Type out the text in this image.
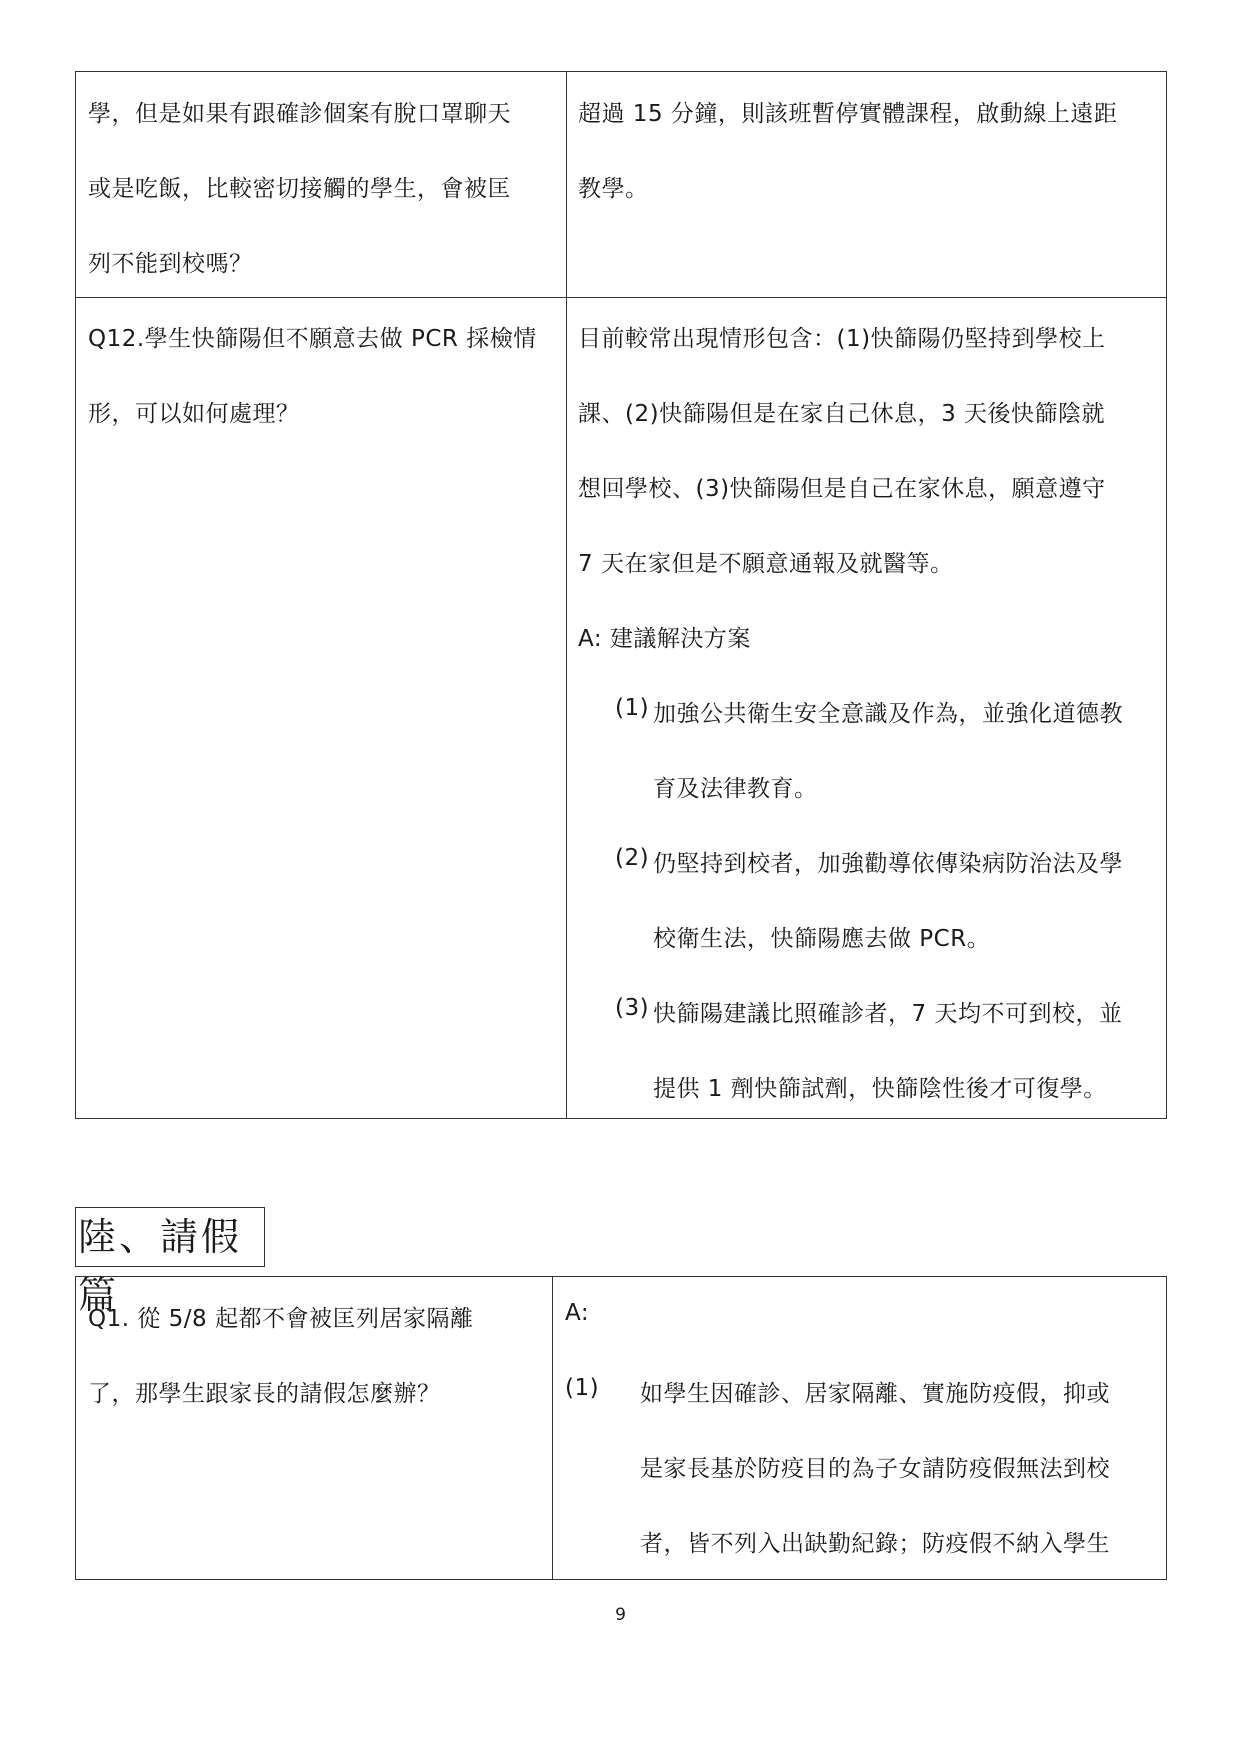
學，但是如果有跟確診個案有脫口罩聊天
或是吃飯，比較密切接觸的學生，會被匡
列不能到校嗎？
超過 15 分鐘，則該班暫停實體課程，啟動線上遠距
教學。
Q12.學生快篩陽但不願意去做 PCR 採檢情
形，可以如何處理？
目前較常出現情形包含：(1)快篩陽仍堅持到學校上
課、(2)快篩陽但是在家自己休息，3 天後快篩陰就
想回學校、(3)快篩陽但是自己在家休息，願意遵守
7 天在家但是不願意通報及就醫等。
A: 建議解決方案
(1) 加強公共衛生安全意識及作為，並強化道德教
育及法律教育。
(2) 仍堅持到校者，加強勸導依傳染病防治法及學
校衛生法，快篩陽應去做 PCR。
(3) 快篩陽建議比照確診者，7 天均不可到校，並
提供 1 劑快篩試劑，快篩陰性後才可復學。
陸、請假篇
Q1. 從 5/8 起都不會被匡列居家隔離
了，那學生跟家長的請假怎麼辦？
A:
(1) 如學生因確診、居家隔離、實施防疫假，抑或
是家長基於防疫目的為子女請防疫假無法到校
者，皆不列入出缺勤紀錄；防疫假不納入學生
9
